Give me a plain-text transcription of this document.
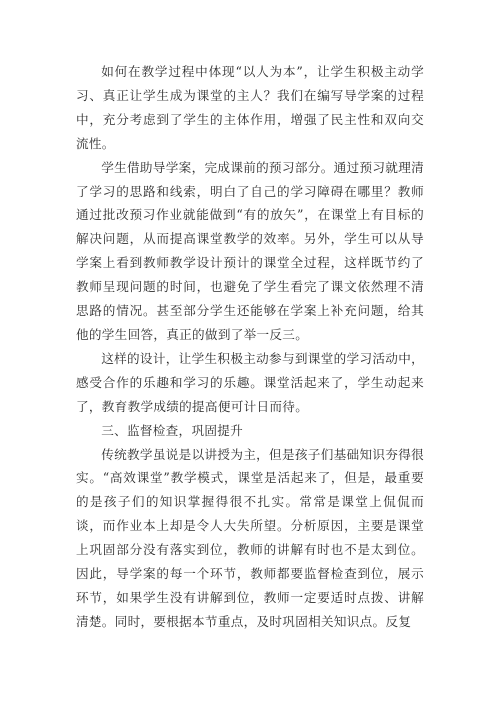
如何在教学过程中体现“以人为本”，让学生积极主动学习、真正让学生成为课堂的主人？我们在编写导学案的过程中，充分考虑到了学生的主体作用，增强了民主性和双向交流性。

学生借助导学案，完成课前的预习部分。通过预习就理清了学习的思路和线索，明白了自己的学习障碍在哪里？教师通过批改预习作业就能做到“有的放矢”，在课堂上有目标的解决问题，从而提高课堂教学的效率。另外，学生可以从导学案上看到教师教学设计预计的课堂全过程，这样既节约了教师呈现问题的时间，也避免了学生看完了课文依然理不清思路的情况。甚至部分学生还能够在学案上补充问题，给其他的学生回答，真正的做到了举一反三。

这样的设计，让学生积极主动参与到课堂的学习活动中，感受合作的乐趣和学习的乐趣。课堂活起来了，学生动起来了，教育教学成绩的提高便可计日而待。

三、监督检查，巩固提升

传统教学虽说是以讲授为主，但是孩子们基础知识夯得很实。“高效课堂”教学模式，课堂是活起来了，但是，最重要的是孩子们的知识掌握得很不扎实。常常是课堂上侃侃而谈，而作业本上却是令人大失所望。分析原因，主要是课堂上巩固部分没有落实到位，教师的讲解有时也不是太到位。因此，导学案的每一个环节，教师都要监督检查到位，展示环节，如果学生没有讲解到位，教师一定要适时点拨、讲解清楚。同时，要根据本节重点，及时巩固相关知识点。反复
